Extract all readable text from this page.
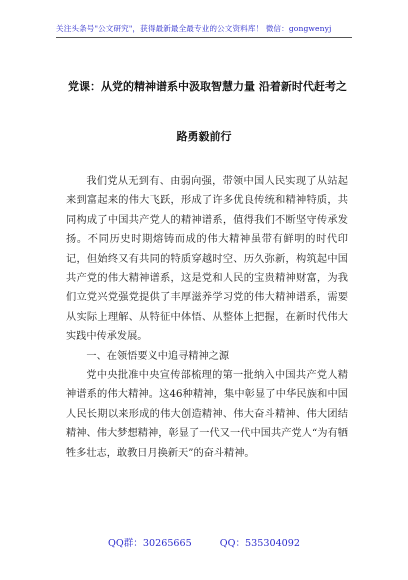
关注头条号"公文研究"，获得最新最全最专业的公文资料库！ 微信：gongwenyj
党课：从党的精神谱系中汲取智慧力量 沿着新时代赶考之
路勇毅前行

我们党从无到有、由弱向强，带领中国人民实现了从站起来到富起来的伟大飞跃，形成了许多优良传统和精神特质，共同构成了中国共产党人的精神谱系，值得我们不断坚守传承发扬。不同历史时期熔铸而成的伟大精神虽带有鲜明的时代印记，但始终又有共同的特质穿越时空、历久弥新，构筑起中国共产党的伟大精神谱系，这是党和人民的宝贵精神财富，为我们立党兴党强党提供了丰厚滋养学习党的伟大精神谱系，需要从实际上理解、从特征中体悟、从整体上把握，在新时代伟大实践中传承发展。

一、在领悟要义中追寻精神之源

党中央批准中央宣传部梳理的第一批纳入中国共产党人精神谱系的伟大精神。这46种精神，集中彰显了中华民族和中国人民长期以来形成的伟大创造精神、伟大奋斗精神、伟大团结精神、伟大梦想精神，彰显了一代又一代中国共产党人“为有牺牲多壮志，敢教日月换新天”的奋斗精神。

QQ群：30265665	QQ：535304092
